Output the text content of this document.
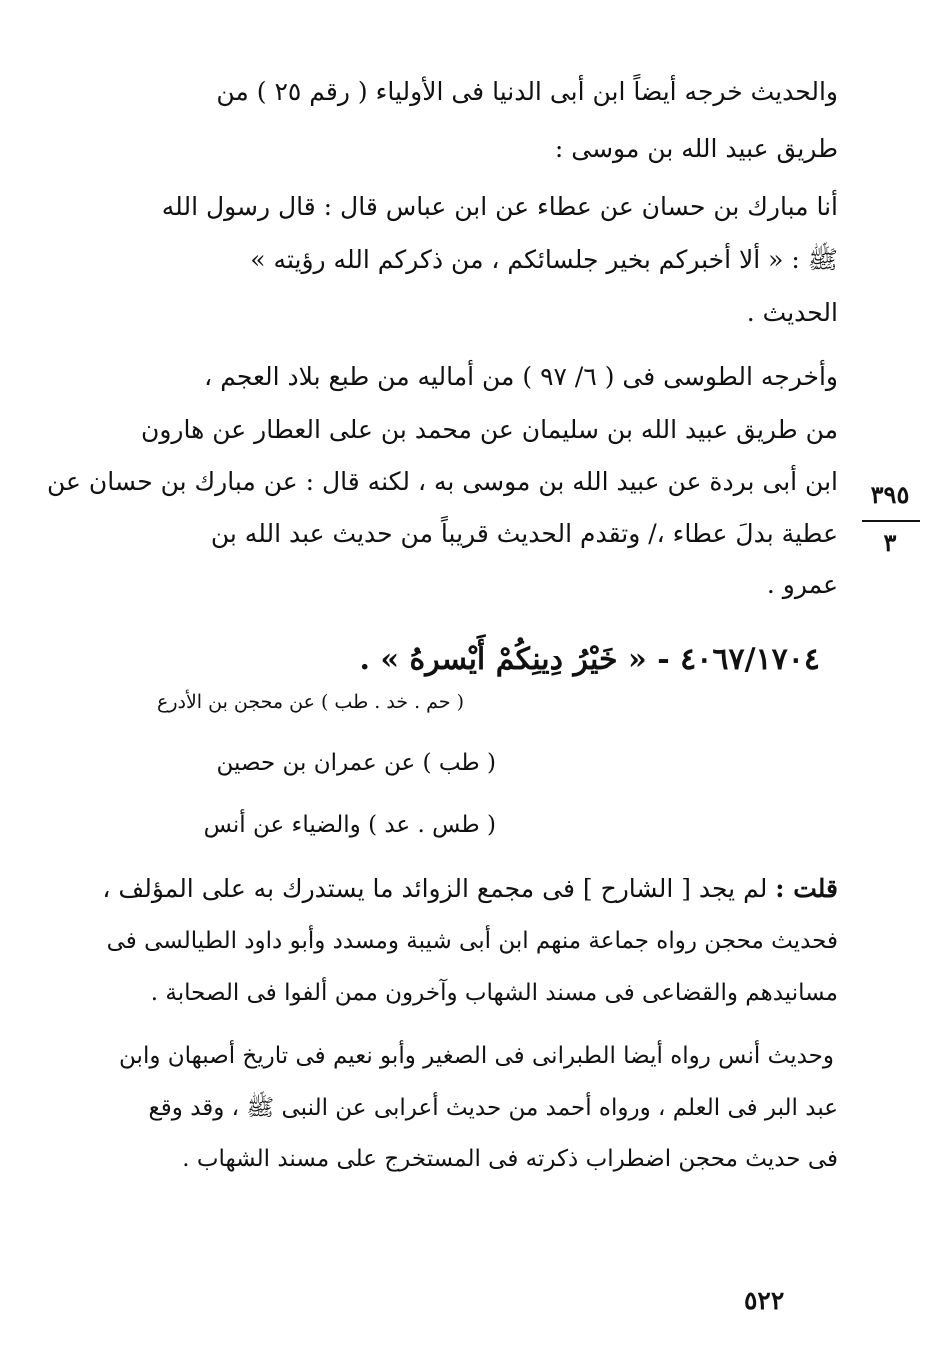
والحديث خرجه أيضاً ابن أبى الدنيا فى الأولياء ( رقم ٢٥ ) من
طريق عبيد الله بن موسى :
أنا مبارك بن حسان عن عطاء عن ابن عباس قال : قال رسول الله
ﷺ : « ألا أخبركم بخير جلسائكم ، من ذكركم الله رؤيته »
الحديث .
وأخرجه الطوسى فى ( ٦/ ٩٧ ) من أماليه من طبع بلاد العجم ،
من طريق عبيد الله بن سليمان عن محمد بن على العطار عن هارون
ابن أبى بردة عن عبيد الله بن موسى به ، لكنه قال : عن مبارك بن حسان عن
عطية بدلَ عطاء ،/ وتقدم الحديث قريباً من حديث عبد الله بن
عمرو .
٣٩٥
٣
٤٠٦٧/١٧٠٤ - « خَيْرُ دِينِكُمْ أَيْسرهُ » .
( حم . خد . طب ) عن محجن بن الأدرع
( طب ) عن عمران بن حصين
( طس . عد ) والضياء عن أنس
قلت : لم يجد [ الشارح ] فى مجمع الزوائد ما يستدرك به على المؤلف ،
فحديث محجن رواه جماعة منهم ابن أبى شيبة ومسدد وأبو داود الطيالسى فى
مسانيدهم والقضاعى فى مسند الشهاب وآخرون ممن ألفوا فى الصحابة .
وحديث أنس رواه أيضا الطبرانى فى الصغير وأبو نعيم فى تاريخ أصبهان وابن
عبد البر فى العلم ، ورواه أحمد من حديث أعرابى عن النبى ﷺ ، وقد وقع
فى حديث محجن اضطراب ذكرته فى المستخرج على مسند الشهاب .
٥٢٢
